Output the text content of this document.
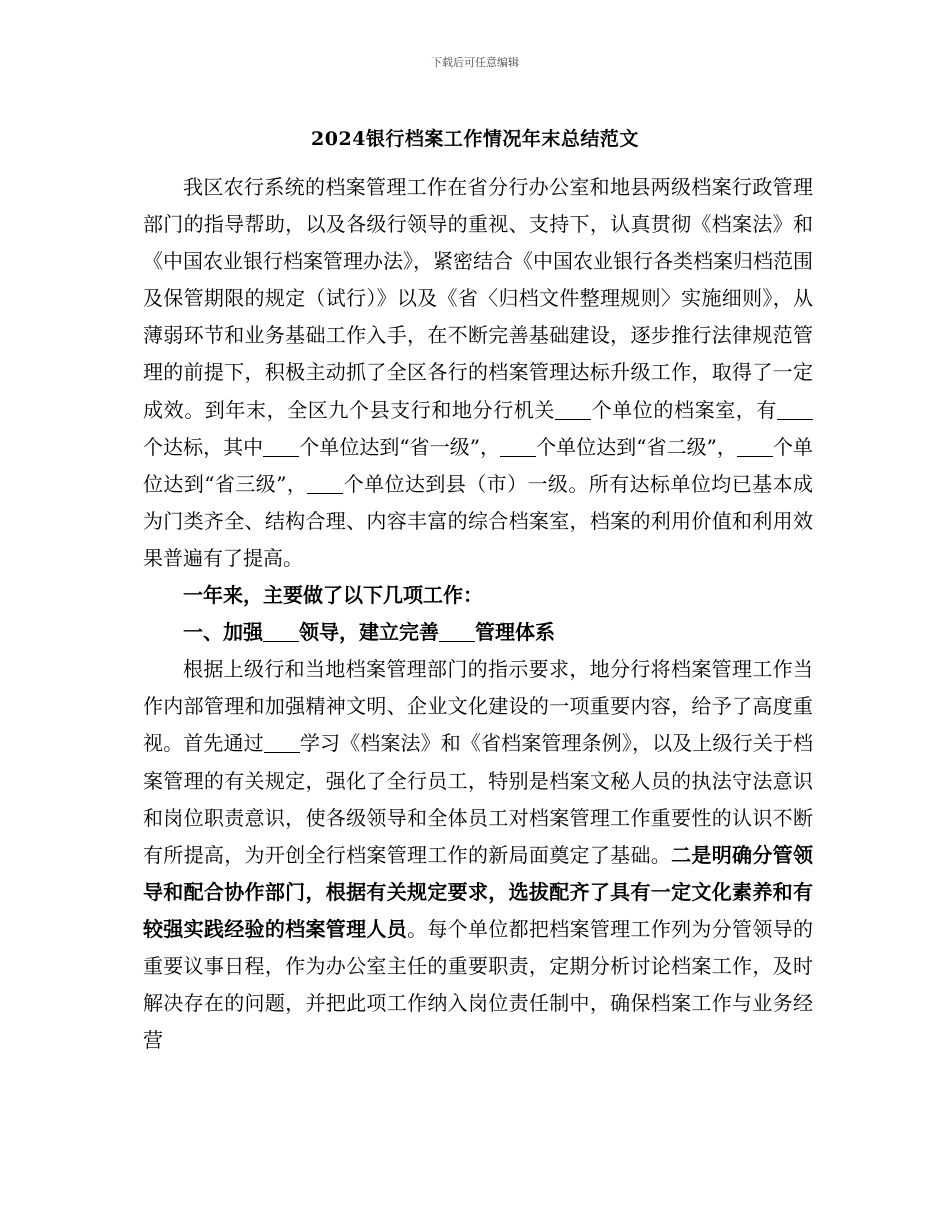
下载后可任意编辑
2024银行档案工作情况年末总结范文

我区农行系统的档案管理工作在省分行办公室和地县两级档案行政管理部门的指导帮助，以及各级行领导的重视、支持下，认真贯彻《档案法》和《中国农业银行档案管理办法》，紧密结合《中国农业银行各类档案归档范围及保管期限的规定（试行）》以及《省〈归档文件整理规则〉实施细则》，从薄弱环节和业务基础工作入手，在不断完善基础建设，逐步推行法律规范管理的前提下，积极主动抓了全区各行的档案管理达标升级工作，取得了一定成效。到年末，全区九个县支行和地分行机关 个单位的档案室，有个达标，其中 个单位达到“省一级”， 个单位达到“省二级”， 个单位达到“省三级”， 个单位达到县（市）一级。所有达标单位均已基本成为门类齐全、结构合理、内容丰富的综合档案室，档案的利用价值和利用效果普遍有了提高。

一年来，主要做了以下几项工作：

一、加强 领导，建立完善 管理体系

根据上级行和当地档案管理部门的指示要求，地分行将档案管理工作当作内部管理和加强精神文明、企业文化建设的一项重要内容，给予了高度重视。首先通过 学习《档案法》和《省档案管理条例》，以及上级行关于档案管理的有关规定，强化了全行员工，特别是档案文秘人员的执法守法意识和岗位职责意识，使各级领导和全体员工对档案管理工作重要性的认识不断有所提高，为开创全行档案管理工作的新局面奠定了基础。二是明确分管领导和配合协作部门，根据有关规定要求，选拔配齐了具有一定文化素养和有较强实践经验的档案管理人员。每个单位都把档案管理工作列为分管领导的重要议事日程，作为办公室主任的重要职责，定期分析讨论档案工作，及时解决存在的问题，并把此项工作纳入岗位责任制中，确保档案工作与业务经营
